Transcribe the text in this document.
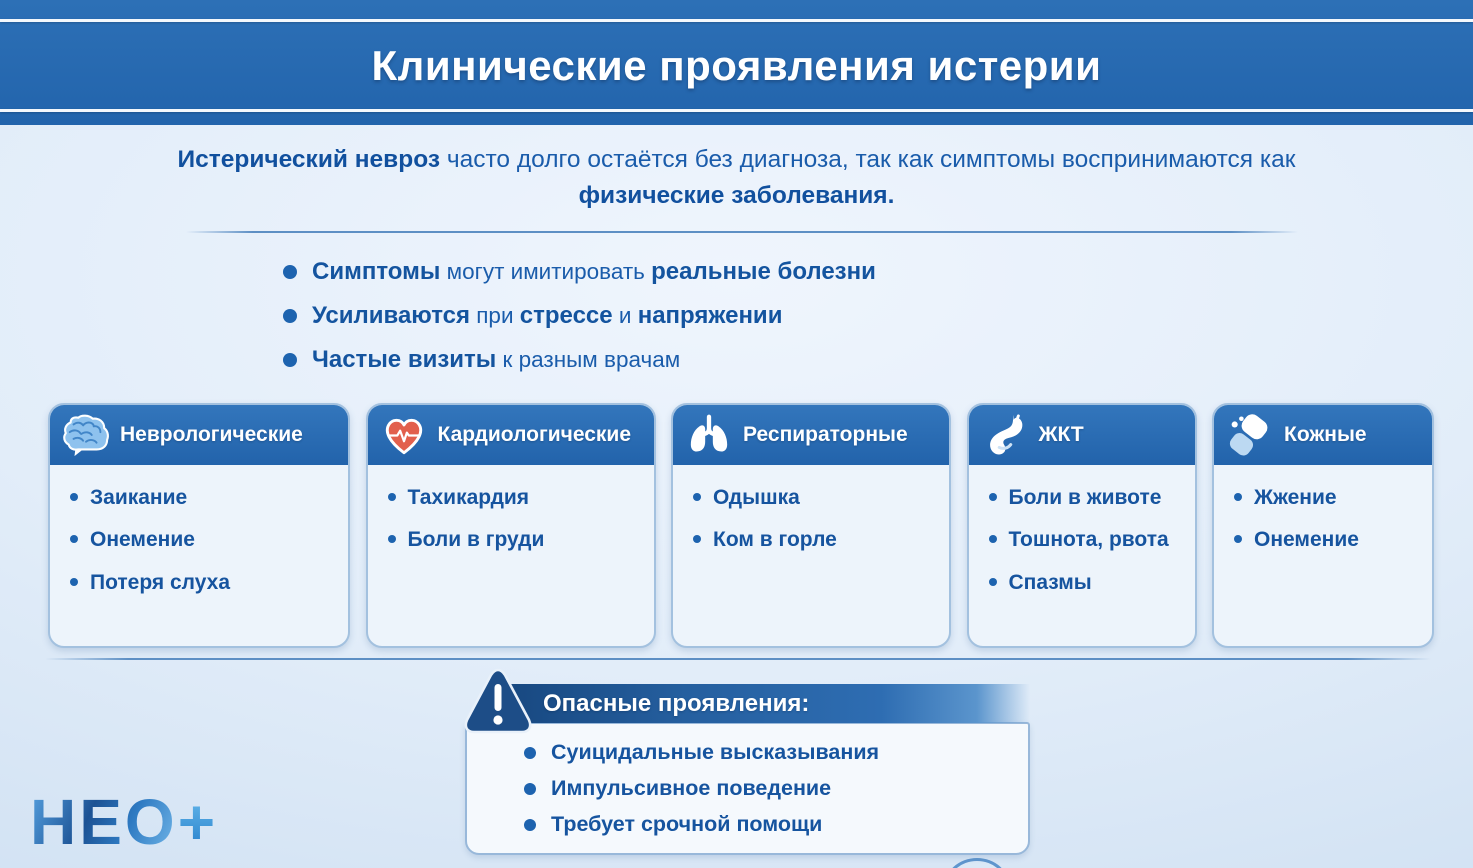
Клинические проявления истерии

Истерический невроз часто долго остаётся без диагноза, так как симптомы воспринимаются как физические заболевания.

Симптомы могут имитировать реальные болезни
Усиливаются при стрессе и напряжении
Частые визиты к разным врачам
Неврологические
Заикание
Онемение
Потеря слуха
Кардиологические
Тахикардия
Боли в груди
Респираторные
Одышка
Ком в горле
ЖКТ
Боли в животе
Тошнота, рвота
Спазмы
Кожные
Жжение
Онемение
Опасные проявления:
Суицидальные высказывания
Импульсивное поведение
Требует срочной помощи
НЕО+
